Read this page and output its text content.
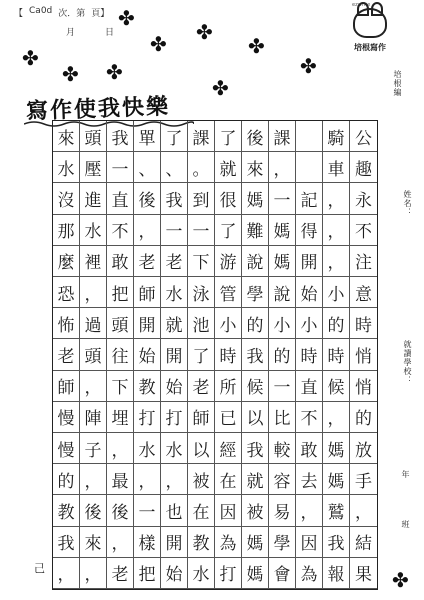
【 Ca0d 次．第 頁】
月	日
ezwrite
培根寫作
✤
✤
✤	✤
✤
✤	✤
✤
✤
✤
寫作使我快樂
培根編
姓名：
就讀學校：
年
班
來 頭 我 單 了 課 了 後 課	騎 公
水 壓 一 、 、 。 就 來 ，	車 趣
沒 進 直 後 我 到 很 媽 一 記 ， 永
那 水 不 ， 一 一 了 難 媽 得 ， 不
麼 裡 敢 老 老 下 游 說 媽 開 ， 注
恐 ， 把 師 水 泳 管 學 說 始 小 意
怖 過 頭 開 就 池 小 的 小 小 的 時
老 頭 往 始 開 了 時 我 的 時 時 悄
師 ， 下 教 始 老 所 候 一 直 候 悄
慢 陣 埋 打 打 師 已 以 比 不 ， 的
慢 子 ， 水 水 以 經 我 較 敢 媽 放
的 ， 最 ， ， 被 在 就 容 去 媽 手
教 後 後 一 也 在 因 被 易 ， 鷲 ，
我 來 ， 樣 開 教 為 媽 學 因 我 結
， ， 老 把 始 水 打 媽 會 為 報 果
己
